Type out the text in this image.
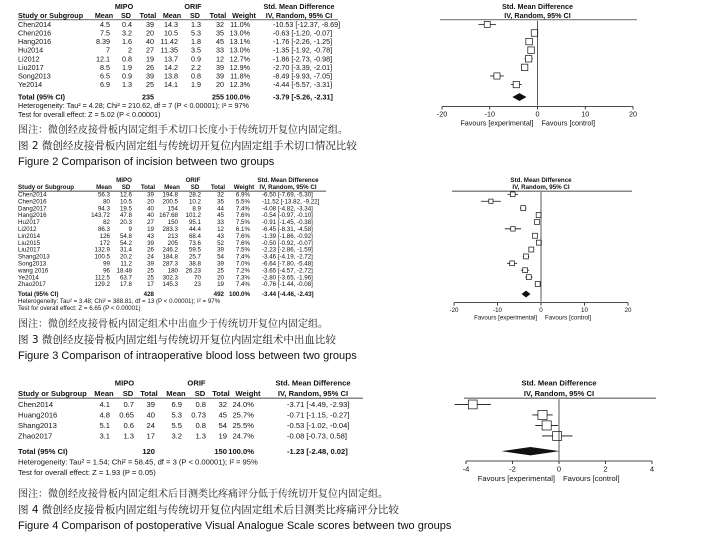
MIPO	ORIF	Std. Mean Difference	Std. Mean Difference
Study or Subgroup Mean SD Total Mean SD Total Weight IV, Random, 95% CI	IV, Random, 95% CI
Chen2014	4.5 0.4 39 14.3 1.3 32 11.0%	-10.53 [-12.37, -8.69]
Chen2016	7.5 3.2 20 10.5 5.3 35 13.0%	-0.63 [-1.20, -0.07]
Hang2016	8.39 1.6 40 11.42 1.8 45 13.1%	-1.76 [-2.26, -1.25]
Hu2014	7	2 27 11.35 3.5 33 13.0%	-1.35 [-1.92, -0.78]
Li2012	12.1 0.8 19 13.7 0.9 12 12.7%	-1.86 [-2.73, -0.98]
Liu2017	8.5 1.9 26 14.2 2.2 39 12.9%	-2.70 [-3.39, -2.01]
Song2013	6.5 0.9 39 13.8 0.8 39 11.8%	-8.49 [-9.93, -7.05]
Ye2014	6.9 1.3 25 14.1 1.9 20 12.3%	-4.44 [-5.57, -3.31]
Total (95% CI)	235	255 100.0%	-3.79 [-5.26, -2.31]
Heterogeneity: Tau² = 4.28; Chi² = 210.62, df = 7 (P < 0.00001); I² = 97%
Test for overall effect: Z = 5.02 (P < 0.00001)	-20	-10	0	10	20
Favours [experimental] Favours [control]
图注：微创经皮接骨板内固定组手术切口长度小于传统切开复位内固定组。
图 2 微创经皮接骨板内固定组与传统切开复位内固定组手术切口情况比较
Figure 2 Comparison of incision between two groups
MIPO	ORIF	Std. Mean Difference	Std. Mean Difference
Study or Subgroup	Mean SD Total Mean SD Total Weight IV, Random, 95% CI	IV, Random, 95% CI
Chen2014	56.3 12.6 39 194.8 28.2	32 6.9% -6.50 [-7.69, -5.30]
Chen2016	80 10.5 20 200.5 10.2	35 5.5% -11.52 [-13.82, -9.22]
Dang2017	94.3 19.5 40 154 8.9	44 7.4% -4.08 [-4.82, -3.34]
Hang2016	143.72 47.8 40 167.68 101.2	45 7.6% -0.54 [-0.97, -0.10]
Hu2017	82 20.3 27 150 95.1	33 7.5% -0.91 [-1.45, -0.38]
Li2012	86.3	9 19 283.3 44.4	12 6.1% -6.45 [-8.31, -4.58]
Lin2014	126 54.8 43 213 68.4	43 7.6% -1.39 [-1.86, -0.92]
Liu2015	172 54.2 39 205 73.6	52 7.6% -0.50 [-0.92, -0.07]
Liu2017	132.9 31.4 26 246.2 59.5	39 7.5% -2.23 [-2.86, -1.59]
Shang2013	100.5 20.2 24 184.8 25.7	54 7.4% -3.46 [-4.19, -2.72]
Song2013	99 11.2 39 287.3 38.8	39 7.0% -6.64 [-7.80, -5.48]
wang 2016	96 18.48 25 180 26.23	25 7.2% -3.65 [-4.57, -2.72]
Ye2014	112.5 63.7 25 302.3	70	20 7.3% -2.80 [-3.65, -1.96]
Zhao2017	129.2 17.8 17 145.3	23	19 7.4% -0.76 [-1.44, -0.08]
Total (95% CI)	428	492 100.0% -3.44 [-4.46, -2.43]
Heterogeneity: Tau² = 3.48; Chi² = 388.81, df = 13 (P < 0.00001); I² = 97%
Test for overall effect: Z = 6.65 (P < 0.00001)	-20	-10	0	10	20
Favours [experimental] Favours [control]
图注：微创经皮接骨板内固定组术中出血少于传统切开复位内固定组。
图 3 微创经皮接骨板内固定组与传统切开复位内固定组术中出血比较
Figure 3 Comparison of intraoperative blood loss between two groups
MIPO	ORIF	Std. Mean Difference	Std. Mean Difference
Study or Subgroup Mean SD Total Mean SD Total Weight IV, Random, 95% CI	IV, Random, 95% CI
Chen2014	4.1 0.7 39 6.9 0.8 32 24.0%	-3.71 [-4.49, -2.93]
Huang2016	4.8 0.65 40 5.3 0.73 45 25.7%	-0.71 [-1.15, -0.27]
Shang2013	5.1 0.6 24 5.5 0.8 54 25.5%	-0.53 [-1.02, -0.04]
Zhao2017	3.1 1.3 17 3.2 1.3 19 24.7%	-0.08 [-0.73, 0.58]
Total (95% CI)	120	150 100.0%	-1.23 [-2.48, 0.02]
Heterogeneity: Tau² = 1.54; Chi² = 58.45, df = 3 (P < 0.00001); I² = 95%
Test for overall effect: Z = 1.93 (P = 0.05)	-4	-2	0	2	4
Favours [experimental] Favours [control]
图注：微创经皮接骨板内固定组术后目测类比疼痛评分低于传统切开复位内固定组。
图 4 微创经皮接骨板内固定组与传统切开复位内固定组术后目测类比疼痛评分比较
Figure 4 Comparison of postoperative Visual Analogue Scale scores between two groups
